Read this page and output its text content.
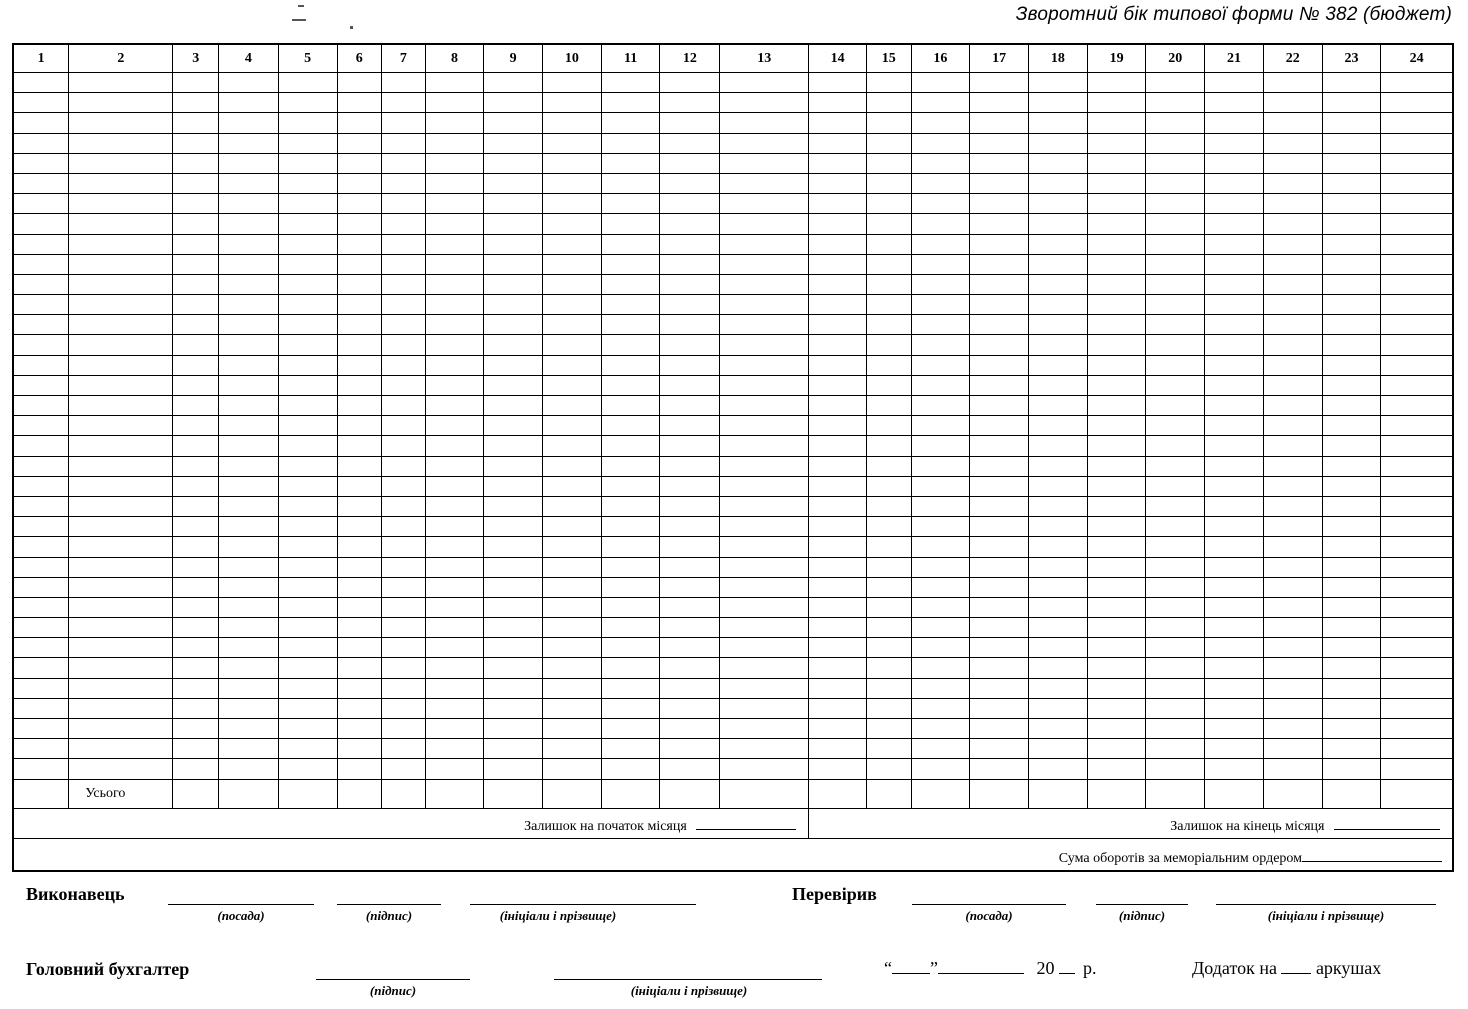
Зворотний бік типової форми № 382 (бюджет)
1	2	3	4	5	6	7	8	9	10	11	12	13	14	15	16	17	18	19	20	21	22	23	24

	Усього																						
Залишок на початок місяця													Залишок на кінець місяця										
Сума оборотів за меморіальним ордером																							
Виконавець
(посада)	(підпис)	(ініціали і прізвище)
Перевірив
(посада)	(підпис)	(ініціали і прізвище)
Головний бухгалтер
(підпис)	(ініціали і прізвище)
“ ”	20 р.	Додаток на аркушах
